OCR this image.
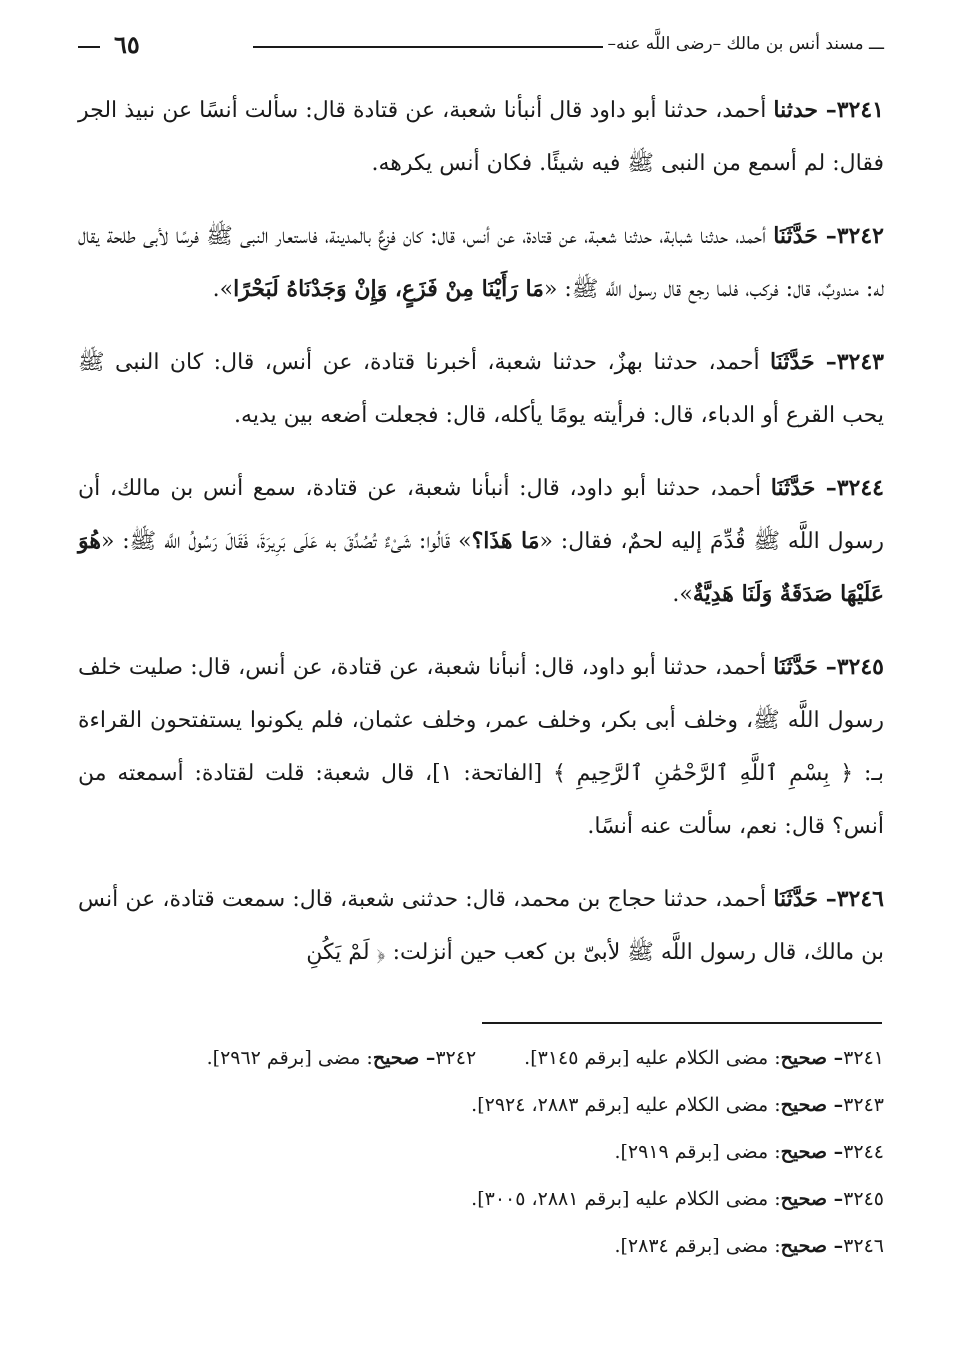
ـــ مسند أنس بن مالك –رضى اللَّه عنه–
٦٥

٣٢٤١– حدثنا أحمد، حدثنا أبو داود قال أنبأنا شعبة، عن قتادة قال: سألت أنسًا عن نبيذ الجر فقال: لم أسمع من النبى ﷺ فيه شيئًا. فكان أنس يكرهه.

٣٢٤٢– حَدَّثَنَا أحمد، حدثنا شبابة، حدثنا شعبة، عن قتادة، عن أنس، قال: كان فزعٌ بالمدينة، فاستعار النبى ﷺ فرسًا لأبى طلحة يقال له: مندوبٌ، قال: فركب، فلما رجع قال رسول اللَّه ﷺ: «مَا رَأَيْنَا مِنْ فَزَعٍ، وَإِنْ وَجَدْنَاهُ لَبَحْرًا».

٣٢٤٣– حَدَّثَنَا أحمد، حدثنا بهزٌ، حدثنا شعبة، أخبرنا قتادة، عن أنس، قال: كان النبى ﷺ يحب القرع أو الدباء، قال: فرأيته يومًا يأكله، قال: فجعلت أضعه بين يديه.

٣٢٤٤– حَدَّثَنَا أحمد، حدثنا أبو داود، قال: أنبأنا شعبة، عن قتادة، سمع أنس بن مالك، أن رسول اللَّه ﷺ قُدِّمَ إليه لحمٌ، فقال: «مَا هَذَا؟» قَالُوا: شَىْءٌ تُصُدِّقَ به عَلَى بَرِيرَةَ، فَقَالَ رَسُولُ اللَّه ﷺ: «هُوَ عَلَيْهَا صَدَقَةٌ وَلَنَا هَدِيَّةٌ».

٣٢٤٥– حَدَّثَنَا أحمد، حدثنا أبو داود، قال: أنبأنا شعبة، عن قتادة، عن أنس، قال: صليت خلف رسول اللَّه ﷺ، وخلف أبى بكر، وخلف عمر، وخلف عثمان، فلم يكونوا يستفتحون القراءة بـ: ﴿ بِسْمِ ٱللَّهِ ٱلرَّحْمَٰنِ ٱلرَّحِيمِ ﴾ [الفاتحة: ١]، قال شعبة: قلت لقتادة: أسمعته من أنس؟ قال: نعم، سألت عنه أنسًا.

٣٢٤٦– حَدَّثَنَا أحمد، حدثنا حجاج بن محمد، قال: حدثنى شعبة، قال: سمعت قتادة، عن أنس بن مالك، قال رسول اللَّه ﷺ لأبىّ بن كعب حين أنزلت: ﴿ لَمْ يَكُنِ

٣٢٤١– صحيح: مضى الكلام عليه [برقم ٣١٤٥].٣٢٤٢– صحيح: مضى [برقم ٢٩٦٢].
٣٢٤٣– صحيح: مضى الكلام عليه [برقم ٢٨٨٣، ٢٩٢٤].
٣٢٤٤– صحيح: مضى [برقم ٢٩١٩].
٣٢٤٥– صحيح: مضى الكلام عليه [برقم ٢٨٨١، ٣٠٠٥].
٣٢٤٦– صحيح: مضى [برقم ٢٨٣٤].
